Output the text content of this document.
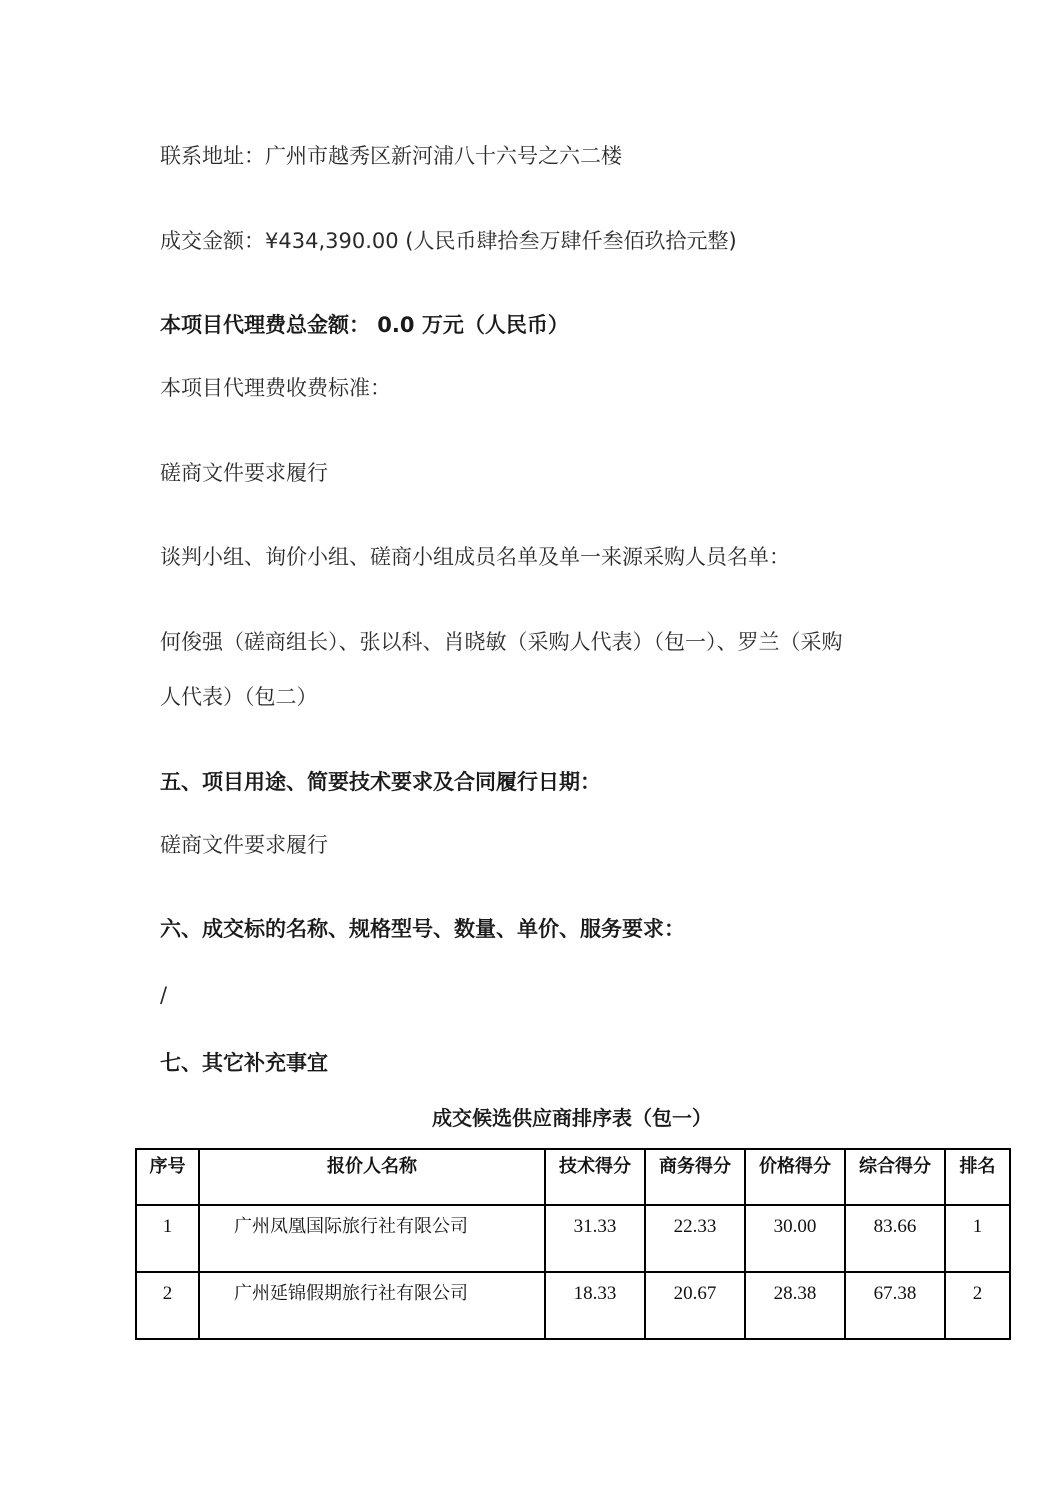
联系地址：广州市越秀区新河浦八十六号之六二楼
成交金额：¥434,390.00 (人民币肆拾叁万肆仟叁佰玖拾元整)
本项目代理费总金额： 0.0 万元（人民币）
本项目代理费收费标准：
磋商文件要求履行
谈判小组、询价小组、磋商小组成员名单及单一来源采购人员名单：
何俊强（磋商组长）、张以科、肖晓敏（采购人代表）（包一）、罗兰（采购
人代表）（包二）
五、项目用途、简要技术要求及合同履行日期：
磋商文件要求履行
六、成交标的名称、规格型号、数量、单价、服务要求：
/
七、其它补充事宜
成交候选供应商排序表（包一）
序号	报价人名称	技术得分	商务得分	价格得分	综合得分	排名
1	广州凤凰国际旅行社有限公司	31.33	22.33	30.00	83.66	1
2	广州延锦假期旅行社有限公司	18.33	20.67	28.38	67.38	2
